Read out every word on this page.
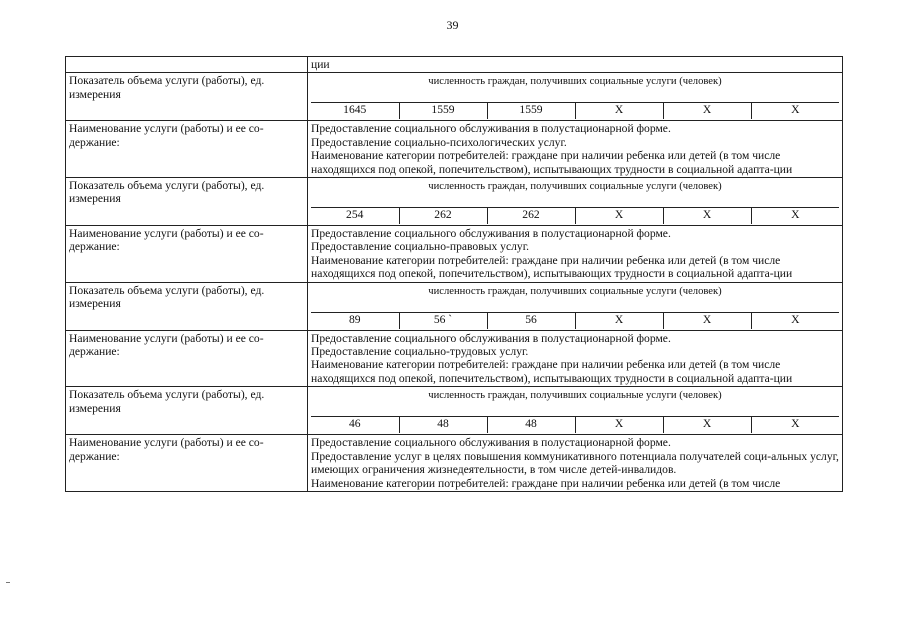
39
	ции
Показатель объема услуги (работы), ед. измерения	
численность граждан, получивших социальные услуги (человек)
1645	1559	1559	X	X	X

Наименование услуги (работы) и ее со-держание:	
Предоставление социального обслуживания в полустационарной форме.
Предоставление социально-психологических услуг.
Наименование категории потребителей: граждане при наличии ребенка или детей (в том числе находящихся под опекой, попечительством), испытывающих трудности в социальной адапта-ции

Показатель объема услуги (работы), ед. измерения	
численность граждан, получивших социальные услуги (человек)
254	262	262	X	X	X

Наименование услуги (работы) и ее со-держание:	
Предоставление социального обслуживания в полустационарной форме.
Предоставление социально-правовых услуг.
Наименование категории потребителей: граждане при наличии ребенка или детей (в том числе находящихся под опекой, попечительством), испытывающих трудности в социальной адапта-ции

Показатель объема услуги (работы), ед. измерения	
численность граждан, получивших социальные услуги (человек)
89	56 `	56	X	X	X

Наименование услуги (работы) и ее со-держание:	
Предоставление социального обслуживания в полустационарной форме.
Предоставление социально-трудовых услуг.
Наименование категории потребителей: граждане при наличии ребенка или детей (в том числе находящихся под опекой, попечительством), испытывающих трудности в социальной адапта-ции

Показатель объема услуги (работы), ед. измерения	
численность граждан, получивших социальные услуги (человек)
46	48	48	X	X	X

Наименование услуги (работы) и ее со-держание:	
Предоставление социального обслуживания в полустационарной форме.
Предоставление услуг в целях повышения коммуникативного потенциала получателей соци-альных услуг, имеющих ограничения жизнедеятельности, в том числе детей-инвалидов.
Наименование категории потребителей: граждане при наличии ребенка или детей (в том числе
